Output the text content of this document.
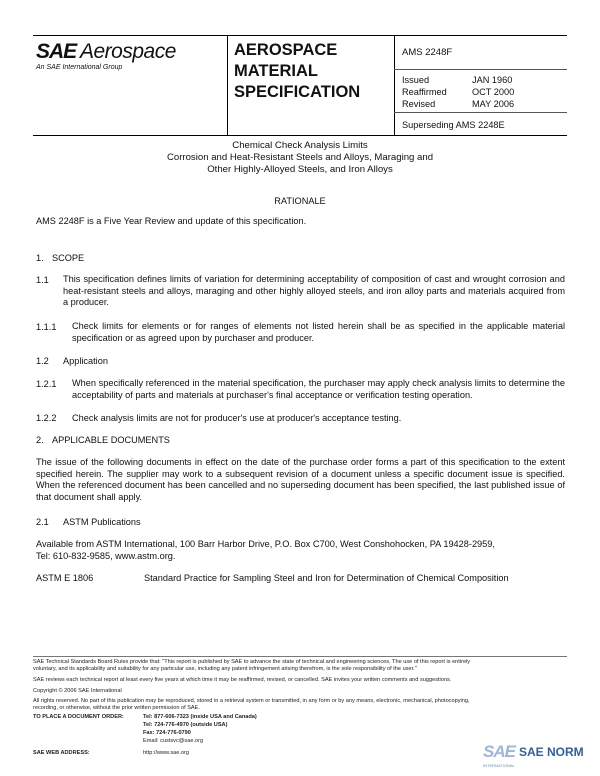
SAE Aerospace
An SAE International Group
AEROSPACE
MATERIAL
SPECIFICATION
AMS 2248F
Issued	JAN 1960
Reaffirmed	OCT 2000
Revised	MAY 2006
Superseding AMS 2248E
Chemical Check Analysis Limits
Corrosion and Heat-Resistant Steels and Alloys, Maraging and
Other Highly-Alloyed Steels, and Iron Alloys
RATIONALE
AMS 2248F is a Five Year Review and update of this specification.
1. SCOPE
1.1 This specification defines limits of variation for determining acceptability of composition of cast and wrought corrosion and heat-resistant steels and alloys, maraging and other highly alloyed steels, and iron alloy parts and materials acquired from a producer.
1.1.1 Check limits for elements or for ranges of elements not listed herein shall be as specified in the applicable material specification or as agreed upon by purchaser and producer.
1.2 Application
1.2.1 When specifically referenced in the material specification, the purchaser may apply check analysis limits to determine the acceptability of parts and materials at purchaser's final acceptance or verification testing operation.
1.2.2 Check analysis limits are not for producer's use at producer's acceptance testing.
2. APPLICABLE DOCUMENTS
The issue of the following documents in effect on the date of the purchase order forms a part of this specification to the extent specified herein. The supplier may work to a subsequent revision of a document unless a specific document issue is specified. When the referenced document has been cancelled and no superseding document has been specified, the last published issue of that document shall apply.
2.1 ASTM Publications
Available from ASTM International, 100 Barr Harbor Drive, P.O. Box C700, West Conshohocken, PA 19428-2959,
Tel: 610-832-9585, www.astm.org.
ASTM E 1806	Standard Practice for Sampling Steel and Iron for Determination of Chemical Composition
SAE Technical Standards Board Rules provide that: "This report is published by SAE to advance the state of technical and engineering sciences. The use of this report is entirely
voluntary, and its applicability and suitability for any particular use, including any patent infringement arising therefrom, is the sole responsibility of the user."
SAE reviews each technical report at least every five years at which time it may be reaffirmed, revised, or cancelled. SAE invites your written comments and suggestions.
Copyright © 2006 SAE International
All rights reserved. No part of this publication may be reproduced, stored in a retrieval system or transmitted, in any form or by any means, electronic, mechanical, photocopying,
recording, or otherwise, without the prior written permission of SAE.
TO PLACE A DOCUMENT ORDER:	Tel: 877-606-7323 (inside USA and Canada)
Tel: 724-776-4970 (outside USA)
Fax: 724-776-0790
Email: custsvc@sae.org
SAE WEB ADDRESS:	http://www.sae.org	SAE SAE NORM
INTERNATIONAL
